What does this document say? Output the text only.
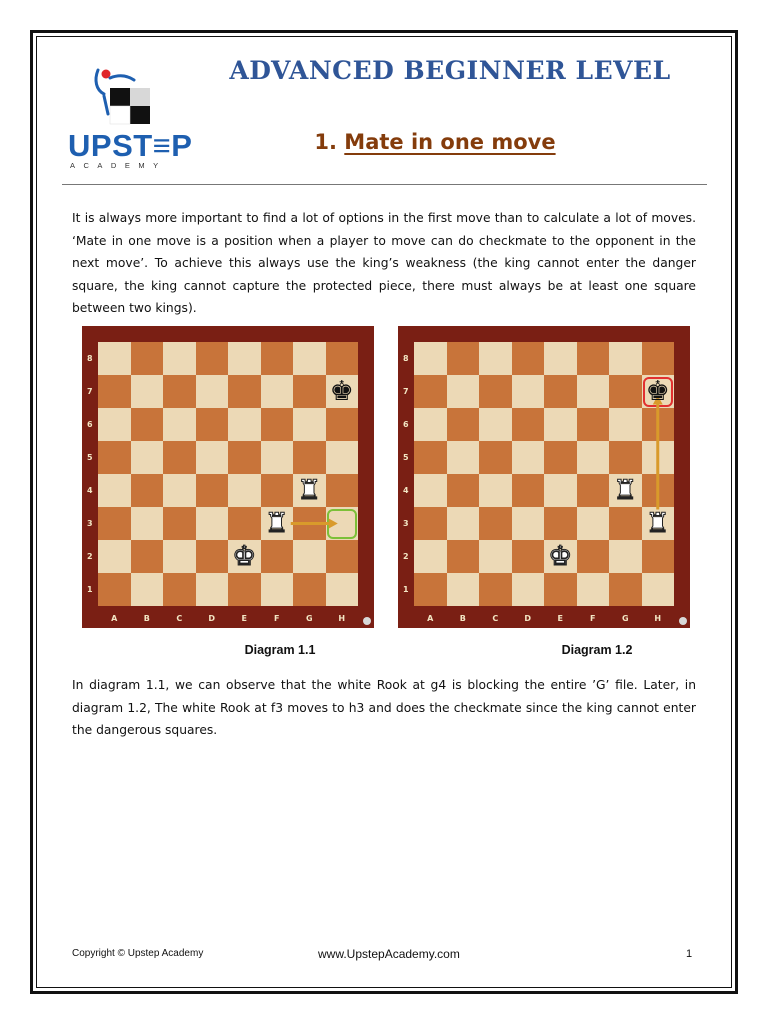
UPST≡P
ACADEMY
ADVANCED BEGINNER LEVEL
1. Mate in one move
It is always more important to find a lot of options in the first move than to calculate a lot of moves. ‘Mate in one move is a position when a player to move can do checkmate to the opponent in the next move’. To achieve this always use the king’s weakness (the king cannot enter the danger square, the king cannot capture the protected piece, there must always be at least one square between two kings).
♚
♜
♜
♚
8
7
6
5
4
3
2
1
A	B	C	D	E	F	G	H
♚
♜
♜
♚
8
7
6
5
4
3
2
1
A	B	C	D	E	F	G	H
Diagram 1.1	Diagram 1.2
In diagram 1.1, we can observe that the white Rook at g4 is blocking the entire ’G’ file. Later, in diagram 1.2, The white Rook at f3 moves to h3 and does the checkmate since the king cannot enter the dangerous squares.
Copyright © Upstep Academy	www.UpstepAcademy.com	1
